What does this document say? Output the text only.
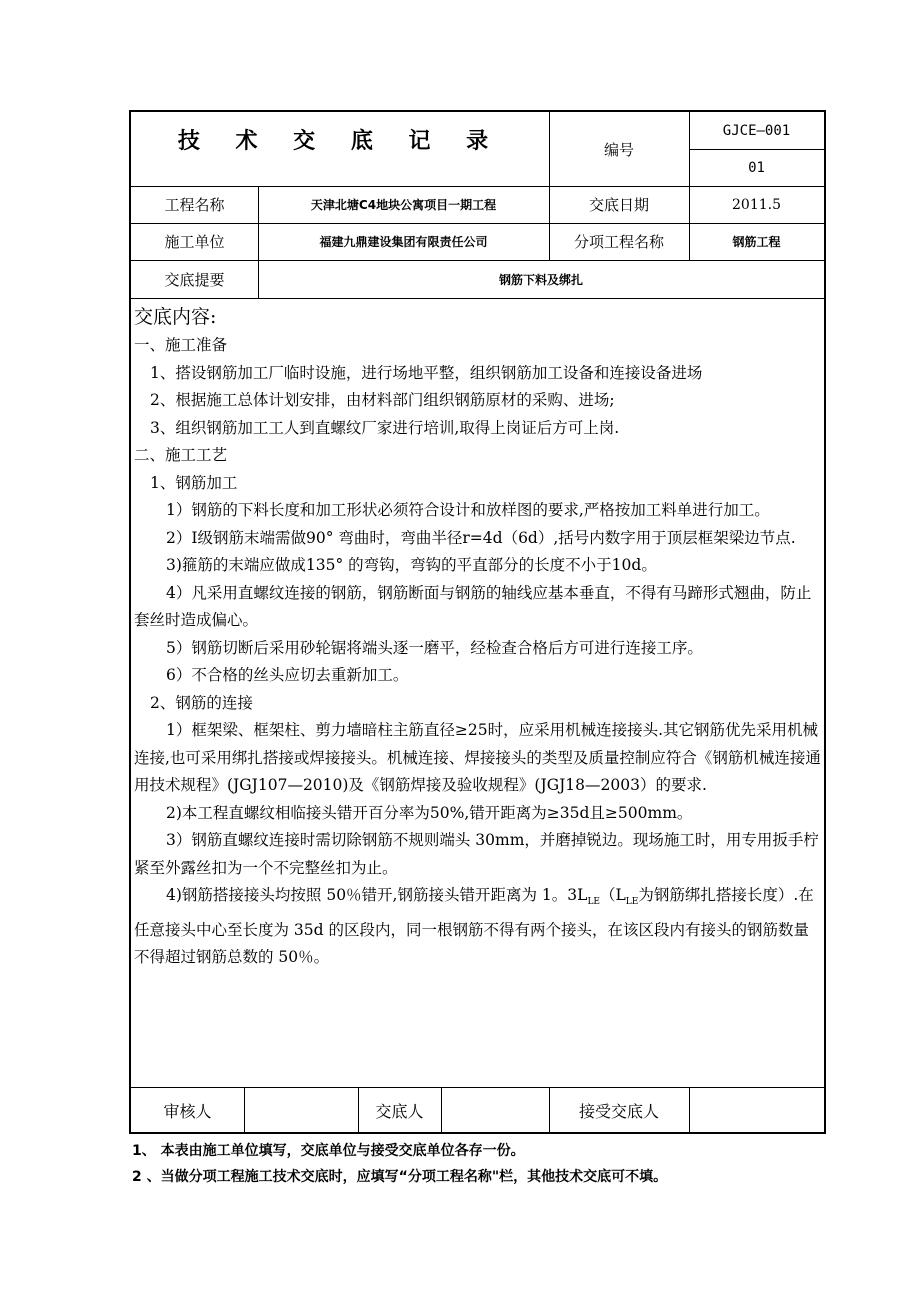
技 术 交 底 记 录	编号
GJCE—001
01
工程名称	天津北塘C4地块公寓项目一期工程	交底日期	2011.5
施工单位	福建九鼎建设集团有限责任公司	分项工程名称	钢筋工程
交底提要	钢筋下料及绑扎

交底内容:

一、施工准备

1、搭设钢筋加工厂临时设施，进行场地平整，组织钢筋加工设备和连接设备进场

2、根据施工总体计划安排，由材料部门组织钢筋原材的采购、进场;

3、组织钢筋加工工人到直螺纹厂家进行培训,取得上岗证后方可上岗.

二、施工工艺

1、钢筋加工

1）钢筋的下料长度和加工形状必须符合设计和放样图的要求,严格按加工料单进行加工。

2）I级钢筋末端需做90° 弯曲时，弯曲半径r=4d（6d）,括号内数字用于顶层框架梁边节点.

3)箍筋的末端应做成135° 的弯钩，弯钩的平直部分的长度不小于10d。

4）凡采用直螺纹连接的钢筋，钢筋断面与钢筋的轴线应基本垂直，不得有马蹄形式翘曲，防止套丝时造成偏心。

5）钢筋切断后采用砂轮锯将端头逐一磨平，经检查合格后方可进行连接工序。

6）不合格的丝头应切去重新加工。

2、钢筋的连接

1）框架梁、框架柱、剪力墙暗柱主筋直径≥25时，应采用机械连接接头.其它钢筋优先采用机械连接,也可采用绑扎搭接或焊接接头。机械连接、焊接接头的类型及质量控制应符合《钢筋机械连接通用技术规程》(JGJ107—2010)及《钢筋焊接及验收规程》(JGJ18—2003）的要求.

2)本工程直螺纹相临接头错开百分率为50%,错开距离为≥35d且≥500mm。

3）钢筋直螺纹连接时需切除钢筋不规则端头 30mm，并磨掉锐边。现场施工时，用专用扳手柠紧至外露丝扣为一个不完整丝扣为止。

4)钢筋搭接接头均按照 50％错开,钢筋接头错开距离为 1。$3L_{LE}(L_{LE}$为钢筋绑扎搭接长度）.在任意接头中心至长度为 35d 的区段内，同一根钢筋不得有两个接头，在该区段内有接头的钢筋数量不得超过钢筋总数的 50％。

审核人	交底人	接受交底人
1、 本表由施工单位填写，交底单位与接受交底单位各存一份。
2 、当做分项工程施工技术交底时，应填写“分项工程名称"栏，其他技术交底可不填。
